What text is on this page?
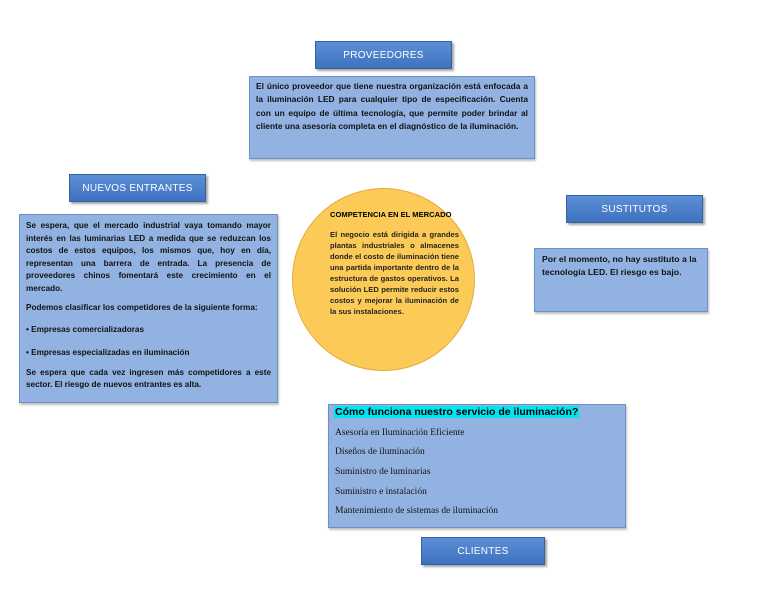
PROVEEDORES
El único proveedor que tiene nuestra organización está enfocada a la iluminación LED para cualquier tipo de especificación. Cuenta con un equipo de última tecnología, que permite poder brindar al cliente una asesoría completa en el diagnóstico de la iluminación.
NUEVOS ENTRANTES
Se espera, que el mercado industrial vaya tomando mayor interés en las luminarias LED a medida que se reduzcan los costos de estos equipos, los mismos que, hoy en día, representan una barrera de entrada. La presencia de proveedores chinos fomentará este crecimiento en el mercado.
Podemos clasificar los competidores de la siguiente forma:
• Empresas comercializadoras
• Empresas especializadas en iluminación
Se espera que cada vez ingresen más competidores a este sector. El riesgo de nuevos entrantes es alta.
SUSTITUTOS
Por el momento, no hay sustituto a la tecnología LED. El riesgo es bajo.
COMPETENCIA EN EL MERCADO
El negocio está dirigida a grandes plantas industriales o almacenes donde el costo de iluminación tiene una partida importante dentro de la estructura de gastos operativos. La solución LED permite reducir estos costos y mejorar la iluminación de la sus instalaciones.
Cómo funciona nuestro servicio de iluminación?
Asesoría en Iluminación Eficiente
Diseños de iluminación
Suministro de luminarias
Suministro e instalación
Mantenimiento de sistemas de iluminación
CLIENTES
